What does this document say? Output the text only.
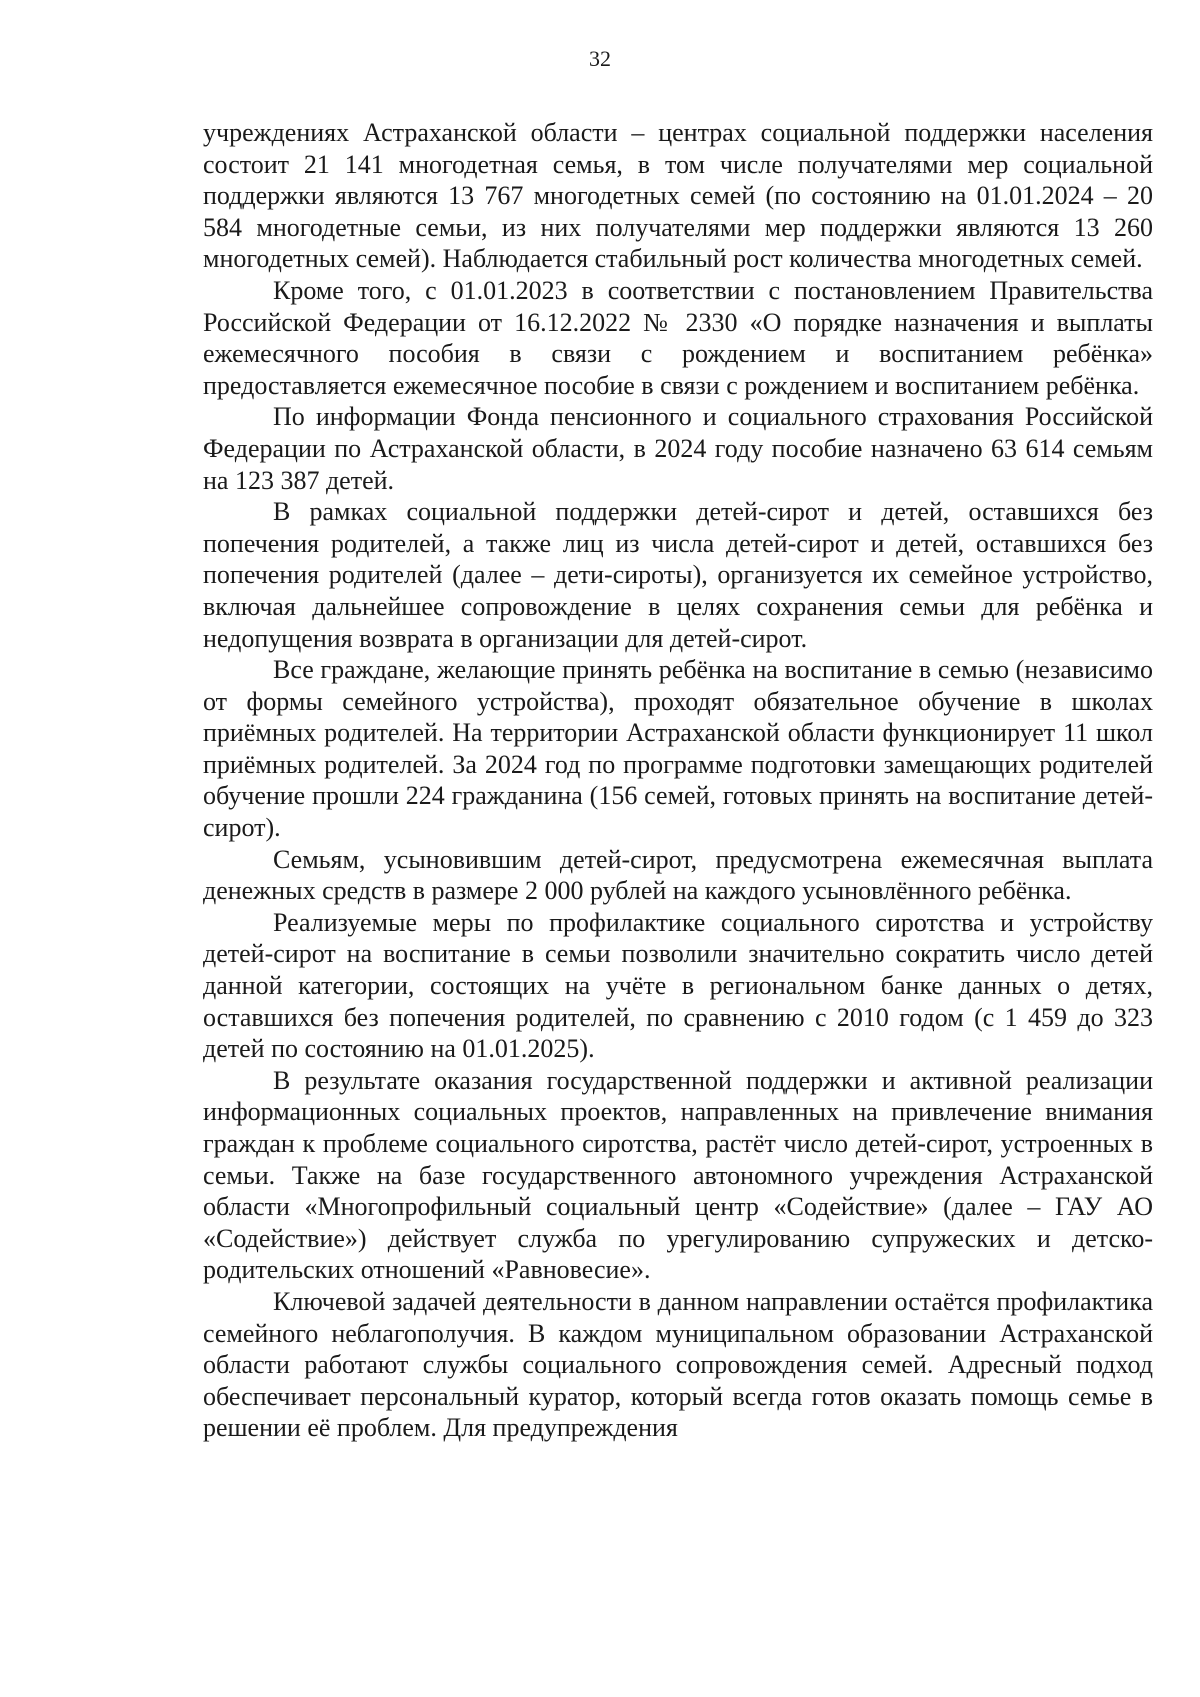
32

учреждениях Астраханской области – центрах социальной поддержки населения состоит 21 141 многодетная семья, в том числе получателями мер социальной поддержки являются 13 767 многодетных семей (по состоянию на 01.01.2024 – 20 584 многодетные семьи, из них получателями мер поддержки являются 13 260 многодетных семей). Наблюдается стабильный рост количества многодетных семей.

Кроме того, с 01.01.2023 в соответствии с постановлением Правительства Российской Федерации от 16.12.2022 № 2330 «О порядке назначения и выплаты ежемесячного пособия в связи с рождением и воспитанием ребёнка» предоставляется ежемесячное пособие в связи с рождением и воспитанием ребёнка.

По информации Фонда пенсионного и социального страхования Российской Федерации по Астраханской области, в 2024 году пособие назначено 63 614 семьям на 123 387 детей.

В рамках социальной поддержки детей-сирот и детей, оставшихся без попечения родителей, а также лиц из числа детей-сирот и детей, оставшихся без попечения родителей (далее – дети-сироты), организуется их семейное устройство, включая дальнейшее сопровождение в целях сохранения семьи для ребёнка и недопущения возврата в организации для детей-сирот.

Все граждане, желающие принять ребёнка на воспитание в семью (независимо от формы семейного устройства), проходят обязательное обучение в школах приёмных родителей. На территории Астраханской области функционирует 11 школ приёмных родителей. За 2024 год по программе подготовки замещающих родителей обучение прошли 224 гражданина (156 семей, готовых принять на воспитание детей-сирот).

Семьям, усыновившим детей-сирот, предусмотрена ежемесячная выплата денежных средств в размере 2 000 рублей на каждого усыновлённого ребёнка.

Реализуемые меры по профилактике социального сиротства и устройству детей-сирот на воспитание в семьи позволили значительно сократить число детей данной категории, состоящих на учёте в региональном банке данных о детях, оставшихся без попечения родителей, по сравнению с 2010 годом (с 1 459 до 323 детей по состоянию на 01.01.2025).

В результате оказания государственной поддержки и активной реализации информационных социальных проектов, направленных на привлечение внимания граждан к проблеме социального сиротства, растёт число детей-сирот, устроенных в семьи. Также на базе государственного автономного учреждения Астраханской области «Многопрофильный социальный центр «Содействие» (далее – ГАУ АО «Содействие») действует служба по урегулированию супружеских и детско-родительских отношений «Равновесие».

Ключевой задачей деятельности в данном направлении остаётся профилактика семейного неблагополучия. В каждом муниципальном образовании Астраханской области работают службы социального сопровождения семей. Адресный подход обеспечивает персональный куратор, который всегда готов оказать помощь семье в решении её проблем. Для предупреждения
